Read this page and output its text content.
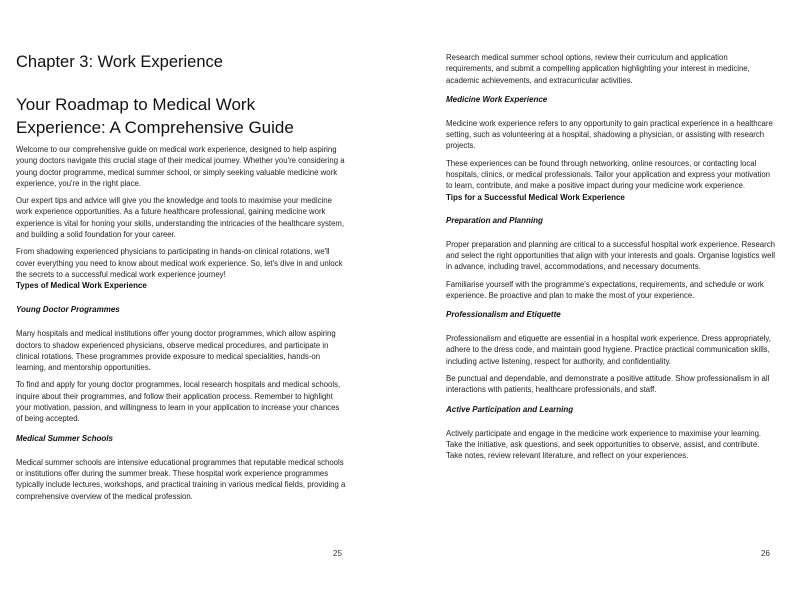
Chapter 3: Work Experience
Your Roadmap to Medical Work Experience: A Comprehensive Guide

Welcome to our comprehensive guide on medical work experience, designed to help aspiring young doctors navigate this crucial stage of their medical journey. Whether you're considering a young doctor programme, medical summer school, or simply seeking valuable medicine work experience, you're in the right place.

Our expert tips and advice will give you the knowledge and tools to maximise your medicine work experience opportunities. As a future healthcare professional, gaining medicine work experience is vital for honing your skills, understanding the intricacies of the healthcare system, and building a solid foundation for your career.

From shadowing experienced physicians to participating in hands-on clinical rotations, we'll cover everything you need to know about medical work experience. So, let's dive in and unlock the secrets to a successful medical work experience journey!

Types of Medical Work Experience
Young Doctor Programmes

Many hospitals and medical institutions offer young doctor programmes, which allow aspiring doctors to shadow experienced physicians, observe medical procedures, and participate in clinical rotations. These programmes provide exposure to medical specialities, hands-on learning, and mentorship opportunities.

To find and apply for young doctor programmes, local research hospitals and medical schools, inquire about their programmes, and follow their application process. Remember to highlight your motivation, passion, and willingness to learn in your application to increase your chances of being accepted.

Medical Summer Schools

Medical summer schools are intensive educational programmes that reputable medical schools or institutions offer during the summer break. These hospital work experience programmes typically include lectures, workshops, and practical training in various medical fields, providing a comprehensive overview of the medical profession.

25

Research medical summer school options, review their curriculum and application requirements, and submit a compelling application highlighting your interest in medicine, academic achievements, and extracurricular activities.

Medicine Work Experience

Medicine work experience refers to any opportunity to gain practical experience in a healthcare setting, such as volunteering at a hospital, shadowing a physician, or assisting with research projects.

These experiences can be found through networking, online resources, or contacting local hospitals, clinics, or medical professionals. Tailor your application and express your motivation to learn, contribute, and make a positive impact during your medicine work experience.

Tips for a Successful Medical Work Experience
Preparation and Planning

Proper preparation and planning are critical to a successful hospital work experience. Research and select the right opportunities that align with your interests and goals. Organise logistics well in advance, including travel, accommodations, and necessary documents.

Familiarise yourself with the programme's expectations, requirements, and schedule or work experience. Be proactive and plan to make the most of your experience.

Professionalism and Etiquette

Professionalism and etiquette are essential in a hospital work experience. Dress appropriately, adhere to the dress code, and maintain good hygiene. Practice practical communication skills, including active listening, respect for authority, and confidentiality.

Be punctual and dependable, and demonstrate a positive attitude. Show professionalism in all interactions with patients, healthcare professionals, and staff.

Active Participation and Learning

Actively participate and engage in the medicine work experience to maximise your learning. Take the initiative, ask questions, and seek opportunities to observe, assist, and contribute. Take notes, review relevant literature, and reflect on your experiences.

26
